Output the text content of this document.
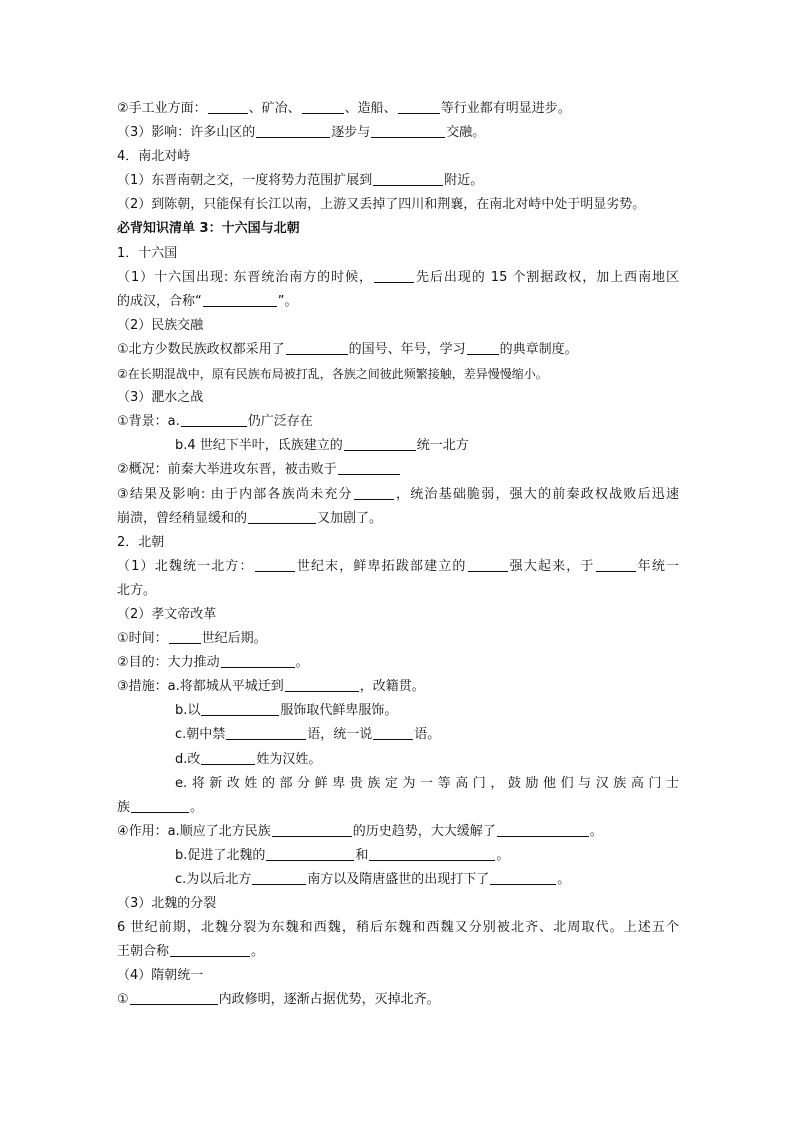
②手工业方面：	、矿冶、	、造船、	等行业都有明显进步。
（3）影响：许多山区的	逐步与	交融。
4．南北对峙
（1）东晋南朝之交，一度将势力范围扩展到	附近。
（2）到陈朝，只能保有长江以南，上游又丢掉了四川和荆襄，在南北对峙中处于明显劣势。
必背知识清单 3：十六国与北朝
1．十六国
（1）十六国出现: 东晋统治南方的时候，	先后出现的 15 个割据政权，加上西南地区
的成汉，合称“	”。
（2）民族交融
①北方少数民族政权都采用了	的国号、年号，学习	的典章制度。
②在长期混战中，原有民族布局被打乱，各族之间彼此频繁接触，差异慢慢缩小。
（3）淝水之战
①背景：a.	仍广泛存在
b.4 世纪下半叶，氐族建立的	统一北方
②概况：前秦大举进攻东晋，被击败于
③结果及影响: 由于内部各族尚未充分	，统治基础脆弱，强大的前秦政权战败后迅速
崩溃，曾经稍显缓和的	又加剧了。
2．北朝
（1）北魏统一北方：	世纪末，鲜卑拓跋部建立的	强大起来，于	年统一
北方。
（2）孝文帝改革
①时间：	世纪后期。
②目的：大力推动	。
③措施：a.将都城从平城迁到	，改籍贯。
b.以	服饰取代鲜卑服饰。
c.朝中禁	语，统一说	语。
d.改	姓为汉姓。
e.将新改姓的部分鲜卑贵族定为一等高门，鼓励他们与汉族高门士
族	。
④作用：a.顺应了北方民族	的历史趋势，大大缓解了	。
b.促进了北魏的	和	。
c.为以后北方	南方以及隋唐盛世的出现打下了	。
（3）北魏的分裂
6 世纪前期，北魏分裂为东魏和西魏，稍后东魏和西魏又分别被北齐、北周取代。上述五个
王朝合称	。
（4）隋朝统一
①	内政修明，逐渐占据优势，灭掉北齐。
